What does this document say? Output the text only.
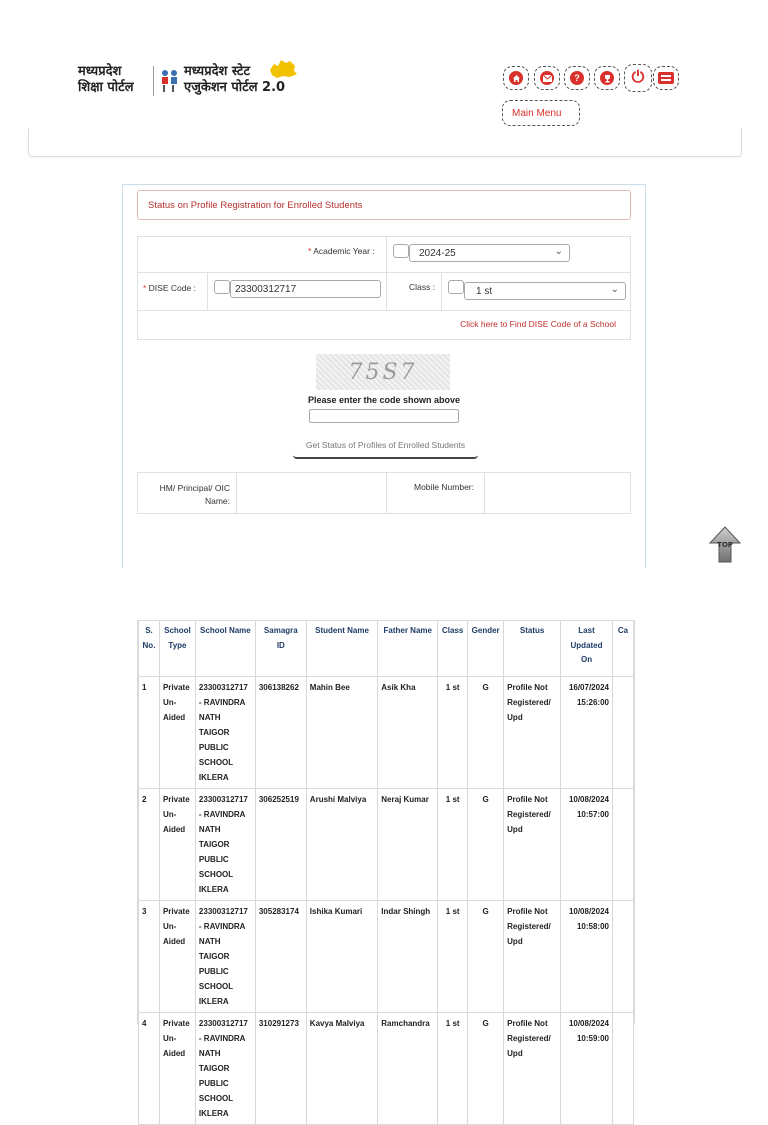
मध्यप्रदेश
शिक्षा पोर्टल
मध्यप्रदेश स्टेट
एजुकेशन पोर्टल 2.0
?	⏻
Main Menu
Status on Profile Registration for Enrolled Students
* Academic Year :	2024-25	⌄
* DISE Code :	23300312717	Class :	1 st	⌄
Click here to Find DISE Code of a School
75S7
Please enter the code shown above
Get Status of Profiles of Enrolled Students
HM/ Principal/ OIC Name:
Mobile Number:
TOP
S. No.	School Type	School Name	Samagra ID	Student Name	Father Name	Class	Gender	Status	Last Updated On	Ca
1	Private Un-Aided	23300312717 - RAVINDRA NATH TAIGOR PUBLIC SCHOOL IKLERA	306138262	Mahin Bee	Asik Kha	1 st	G	Profile Not Registered/ Upd	16/07/2024 15:26:00	
2	Private Un-Aided	23300312717 - RAVINDRA NATH TAIGOR PUBLIC SCHOOL IKLERA	306252519	Arushi Malviya	Neraj Kumar	1 st	G	Profile Not Registered/ Upd	10/08/2024 10:57:00	
3	Private Un-Aided	23300312717 - RAVINDRA NATH TAIGOR PUBLIC SCHOOL IKLERA	305283174	Ishika Kumari	Indar Shingh	1 st	G	Profile Not Registered/ Upd	10/08/2024 10:58:00	
4	Private Un-Aided	23300312717 - RAVINDRA NATH TAIGOR PUBLIC SCHOOL IKLERA	310291273	Kavya Malviya	Ramchandra	1 st	G	Profile Not Registered/ Upd	10/08/2024 10:59:00	
